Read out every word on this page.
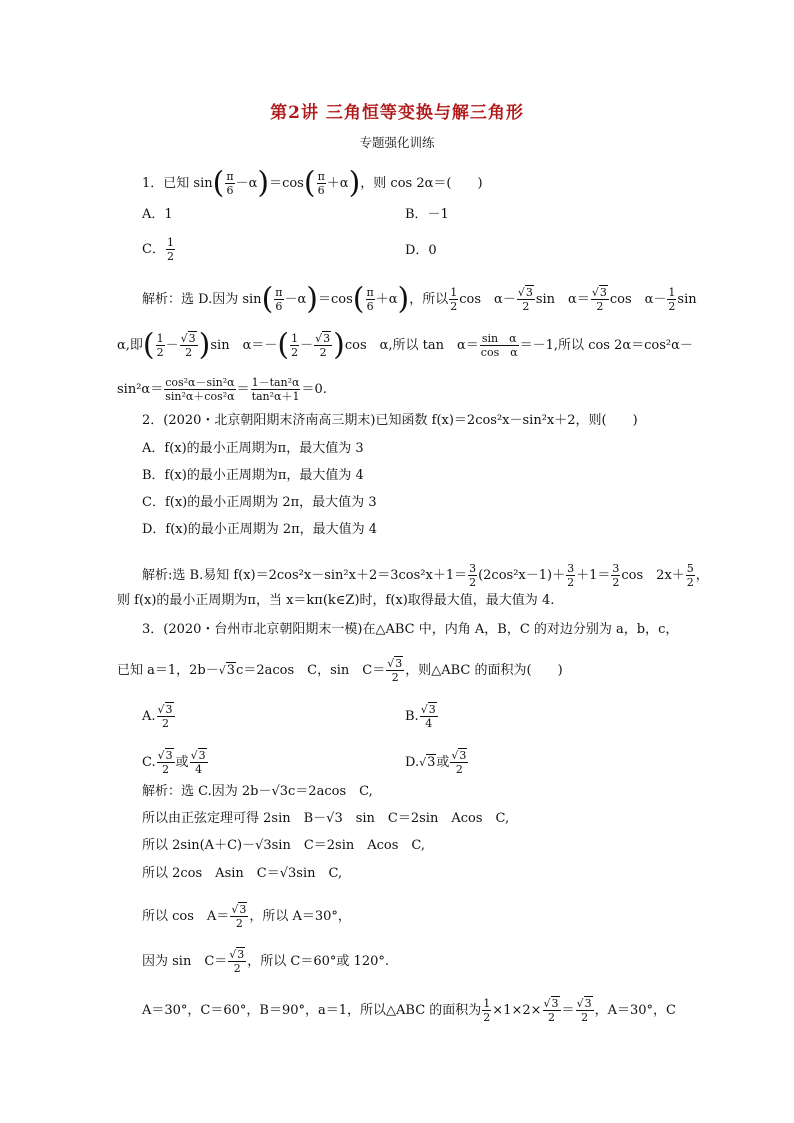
第2讲 三角恒等变换与解三角形
专题强化训练
1．已知 $\sin( \frac{\pi}{6} -\alpha)=\cos( \frac{\pi}{6} +\alpha)$，则 cos 2α＝(　　)
A．1	B．－1
C． $\frac{1}{2}$	D．0
解析：选 D.因为 $\sin( \frac{\pi}{6} -\alpha)=\cos( \frac{\pi}{6} +\alpha)$，所以 $\frac{1}{2}$ cos　$\alpha- \frac{√3}{2}$ sin　$\alpha= \frac{√3}{2}$ cos　$\alpha- \frac{1}{2}$ sin
α,即( $\frac{1}{2} - \frac{√3}{2} )\sin$　$\alpha=-( \frac{1}{2} - \frac{√3}{2} )\cos$　α,所以 tan　$\alpha= \frac{\text{sin　α}}{\text{cos　α}} =-1$,所以 cos 2α＝cos²α－
$\sin^2\alpha= \frac{\text{cos²α－sin²α}}{\text{sin²α＋cos²α}} = \frac{\text{1－tan²α}}{\text{tan²α＋1}} =0$.
2．(2020・北京朝阳期末济南高三期末)已知函数 f(x)＝2cos²x－sin²x＋2，则(　　)
A．f(x)的最小正周期为π，最大值为 3
B．f(x)的最小正周期为π，最大值为 4
C．f(x)的最小正周期为 2π，最大值为 3
D．f(x)的最小正周期为 2π，最大值为 4
解析:选 B.易知 $f(x)=2\cos^2x-\sin^2x+2=3\cos^2x+1= \frac{3}{2} (2\cos^2x-1)+ \frac{3}{2} +1= \frac{3}{2}$ cos　$2x+ \frac{5}{2}$ ，
则 f(x)的最小正周期为π，当 x＝kπ(k∈Z)时，f(x)取得最大值，最大值为 4.
3．(2020・台州市北京朝阳期末一模)在△ABC 中，内角 A，B，C 的对边分别为 a，b，c，
已知 a＝1，2b－√3c＝2acos　C，sin　$C= \frac{√3}{2}$ ，则△ABC 的面积为(　　)
A. $\frac{√3}{2}$	B. $\frac{√3}{4}$
C. $\frac{√3}{2}$ 或 $\frac{√3}{4}$	D.√3或 $\frac{√3}{2}$
解析：选 C.因为 2b－√3c＝2acos　C,
所以由正弦定理可得 2sin　B－√3　sin　C＝2sin　Acos　C,
所以 2sin(A＋C)－√3sin　C＝2sin　Acos　C,
所以 2cos　Asin　C＝√3sin　C,
所以 cos　$A= \frac{√3}{2}$ ，所以 A＝30°，
因为 sin　$C= \frac{√3}{2}$ ，所以 C＝60°或 120°.
A＝30°，C＝60°，B＝90°，a＝1，所以△ABC 的面积为 $\frac{1}{2} \times 1\times 2\times \frac{√3}{2} = \frac{√3}{2}$ ，A＝30°，C
